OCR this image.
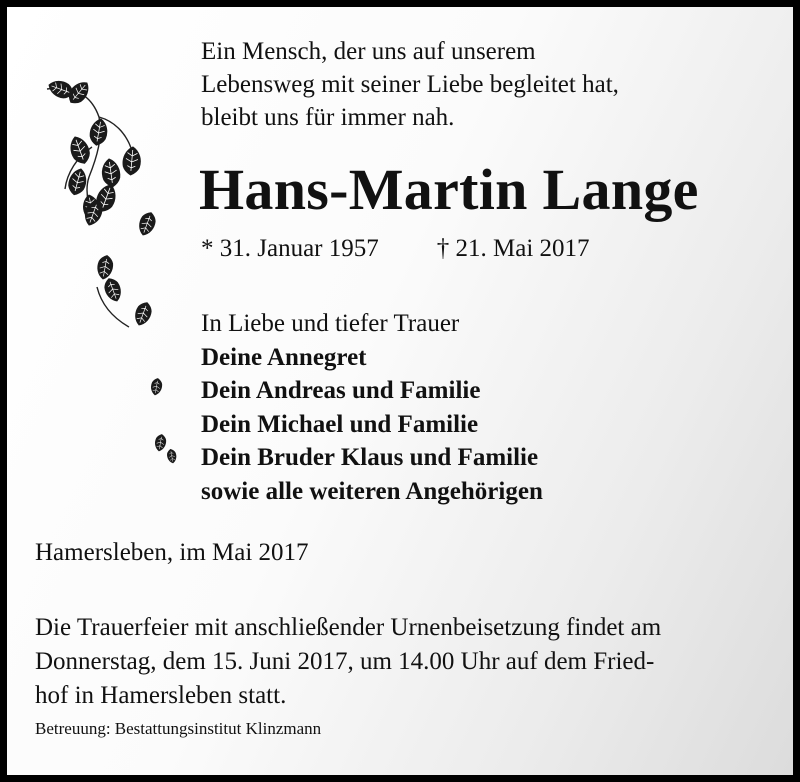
Ein Mensch, der uns auf unserem
Lebensweg mit seiner Liebe begleitet hat,
bleibt uns für immer nah.
Hans-Martin Lange
* 31. Januar 1957 † 21. Mai 2017
In Liebe und tiefer Trauer
Deine Annegret
Dein Andreas und Familie
Dein Michael und Familie
Dein Bruder Klaus und Familie
sowie alle weiteren Angehörigen
Hamersleben, im Mai 2017
Die Trauerfeier mit anschließender Urnenbeisetzung findet am
Donnerstag, dem 15. Juni 2017, um 14.00 Uhr auf dem Fried-
hof in Hamersleben statt.
Betreuung: Bestattungsinstitut Klinzmann
